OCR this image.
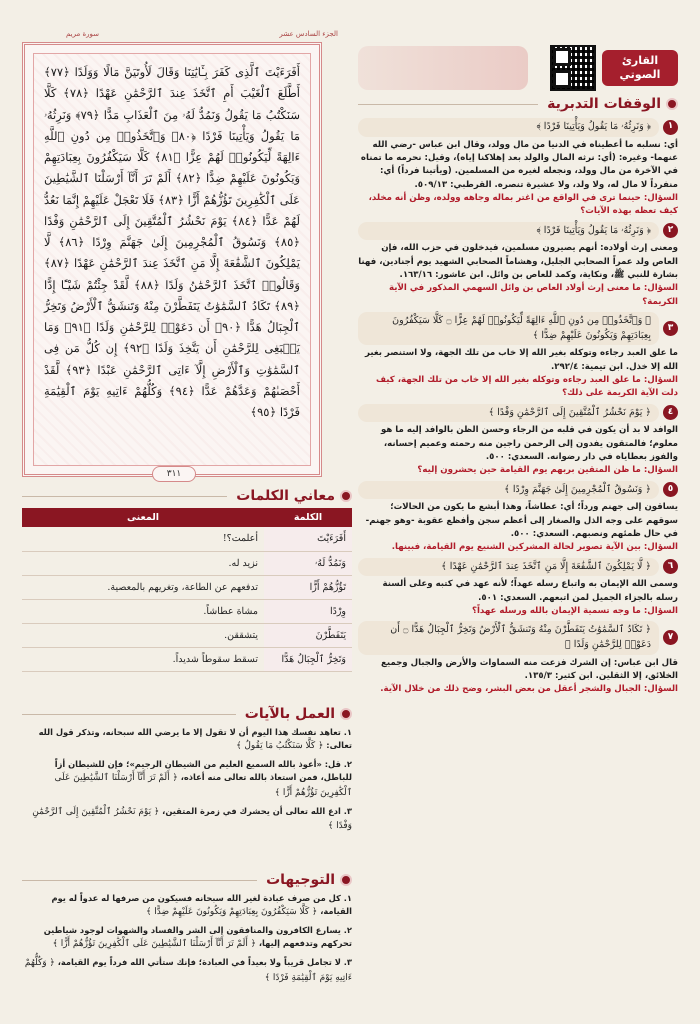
القارئ
الصوتي
الوقفات التدبرية
١
﴿ وَنَرِثُهُۥ مَا يَقُولُ وَيَأْتِينَا فَرْدًا ﴾
أي: نسلبه ما أعطيناه في الدنيا من مال وولد، وقال ابن عباس -رضي الله عنهما- وغيره: (أي: نرثه المال والولد بعد إهلاكنا إياه)، وقيل: نحرمه ما تمناه في الآخرة من مال وولد، ونجعله لغيره من المسلمين. (ويأتينا فرداً) أي: منفرداً لا مال له، ولا ولد، ولا عشيرة تنصره. القرطبي: ٥٠٩/١٣.
السؤال: حينما ترى في الواقع من اغتر بماله وجاهه وولده، وظن أنه مخلد، كيف تعظه بهذه الآيات؟
٢
﴿ وَنَرِثُهُۥ مَا يَقُولُ وَيَأْتِينَا فَرْدًا ﴾
ومعنى إرث أولاده: أنهم يصيرون مسلمين، فيدخلون في حزب الله، فإن العاص ولد عمراً الصحابي الجليل، وهشاماً الصحابي الشهيد يوم أجنادين، فهنا بشارة للنبي ﷺ، ونكاية، وكمد للعاص بن وائل. ابن عاشور: ١٦٣/١٦.
السؤال: ما معنى إرث أولاد العاص بن وائل السهمي المذكور في الآية الكريمة؟
٣
﴿ وَٱتَّخَذُوا۟ مِن دُونِ ٱللَّهِ ءَالِهَةً لِّيَكُونُوا۟ لَهُمْ عِزًّا ۝ كَلَّا سَيَكْفُرُونَ بِعِبَادَتِهِمْ وَيَكُونُونَ عَلَيْهِمْ ضِدًّا ﴾
ما علق العبد رجاءه وتوكله بغير الله إلا خاب من تلك الجهة، ولا استنصر بغير الله إلا خذل. ابن تيمية: ٢٩٢/٤.
السؤال: ما علق العبد رجاءه وتوكله بغير الله إلا خاب من تلك الجهة، كيف دلت الآية الكريمة على ذلك؟
٤
﴿ يَوْمَ نَحْشُرُ ٱلْمُتَّقِينَ إِلَى ٱلرَّحْمَٰنِ وَفْدًا ﴾
الوافد لا بد أن يكون في قلبه من الرجاء وحسن الظن بالوافد إليه ما هو معلوم؛ فالمتقون يفدون إلى الرحمن راجين منه رحمته وعميم إحسانه، والفوز بعطاياه في دار رضوانه. السعدي: ٥٠٠.
السؤال: ما ظن المتقين بربهم يوم القيامة حين يحشرون إليه؟
٥
﴿ وَنَسُوقُ ٱلْمُجْرِمِينَ إِلَىٰ جَهَنَّمَ وِرْدًا ﴾
يساقون إلى جهنم ورداً؛ أي: عطاشاً، وهذا أبشع ما يكون من الحالات؛ سوقهم على وجه الذل والصغار إلى أعظم سجن وأفظع عقوبة -وهو جهنم- في حال ظمئهم ونصبهم. السعدي: ٥٠٠.
السؤال: بين الآية تصوير لحالة المشركين الشنيع يوم القيامة، فبينها.
٦
﴿ لَّا يَمْلِكُونَ ٱلشَّفَٰعَةَ إِلَّا مَنِ ٱتَّخَذَ عِندَ ٱلرَّحْمَٰنِ عَهْدًا ﴾
وسمى الله الإيمان به واتباع رسله عهداً؛ لأنه عهد في كتبه وعلى ألسنة رسله بالجزاء الجميل لمن اتبعهم. السعدي: ٥٠١.
السؤال: ما وجه تسمية الإيمان بالله ورسله عهداً؟
٧
﴿ تَكَادُ ٱلسَّمَٰوَٰتُ يَتَفَطَّرْنَ مِنْهُ وَتَنشَقُّ ٱلْأَرْضُ وَتَخِرُّ ٱلْجِبَالُ هَدًّا ۝ أَن دَعَوْا۟ لِلرَّحْمَٰنِ وَلَدًا ﴾
قال ابن عباس: إن الشرك فزعت منه السماوات والأرض والجبال وجميع الخلائق، إلا الثقلين. ابن كثير: ١٣٥/٣.
السؤال: الجبال والشجر أعقل من بعض البشر، وضح ذلك من خلال الآية.
الجزء السادس عشر
سورة مريم
أَفَرَءَيْتَ ٱلَّذِى كَفَرَ بِـَٔايَٰتِنَا وَقَالَ لَأُوتَيَنَّ مَالًا وَوَلَدًا ﴿٧٧﴾ أَطَّلَعَ ٱلْغَيْبَ أَمِ ٱتَّخَذَ عِندَ ٱلرَّحْمَٰنِ عَهْدًا ﴿٧٨﴾ كَلَّا سَنَكْتُبُ مَا يَقُولُ وَنَمُدُّ لَهُۥ مِنَ ٱلْعَذَابِ مَدًّا ﴿٧٩﴾ وَنَرِثُهُۥ مَا يَقُولُ وَيَأْتِينَا فَرْدًا ﴿٨٠﴾ وَٱتَّخَذُوا۟ مِن دُونِ ٱللَّهِ ءَالِهَةً لِّيَكُونُوا۟ لَهُمْ عِزًّا ﴿٨١﴾ كَلَّا سَيَكْفُرُونَ بِعِبَادَتِهِمْ وَيَكُونُونَ عَلَيْهِمْ ضِدًّا ﴿٨٢﴾ أَلَمْ تَرَ أَنَّآ أَرْسَلْنَا ٱلشَّيَٰطِينَ عَلَى ٱلْكَٰفِرِينَ تَؤُزُّهُمْ أَزًّا ﴿٨٣﴾ فَلَا تَعْجَلْ عَلَيْهِمْ إِنَّمَا نَعُدُّ لَهُمْ عَدًّا ﴿٨٤﴾ يَوْمَ نَحْشُرُ ٱلْمُتَّقِينَ إِلَى ٱلرَّحْمَٰنِ وَفْدًا ﴿٨٥﴾ وَنَسُوقُ ٱلْمُجْرِمِينَ إِلَىٰ جَهَنَّمَ وِرْدًا ﴿٨٦﴾ لَّا يَمْلِكُونَ ٱلشَّفَٰعَةَ إِلَّا مَنِ ٱتَّخَذَ عِندَ ٱلرَّحْمَٰنِ عَهْدًا ﴿٨٧﴾ وَقَالُوا۟ ٱتَّخَذَ ٱلرَّحْمَٰنُ وَلَدًا ﴿٨٨﴾ لَّقَدْ جِئْتُمْ شَيْـًٔا إِدًّا ﴿٨٩﴾ تَكَادُ ٱلسَّمَٰوَٰتُ يَتَفَطَّرْنَ مِنْهُ وَتَنشَقُّ ٱلْأَرْضُ وَتَخِرُّ ٱلْجِبَالُ هَدًّا ﴿٩٠﴾ أَن دَعَوْا۟ لِلرَّحْمَٰنِ وَلَدًا ﴿٩١﴾ وَمَا يَنۢبَغِى لِلرَّحْمَٰنِ أَن يَتَّخِذَ وَلَدًا ﴿٩٢﴾ إِن كُلُّ مَن فِى ٱلسَّمَٰوَٰتِ وَٱلْأَرْضِ إِلَّآ ءَاتِى ٱلرَّحْمَٰنِ عَبْدًا ﴿٩٣﴾ لَّقَدْ أَحْصَىٰهُمْ وَعَدَّهُمْ عَدًّا ﴿٩٤﴾ وَكُلُّهُمْ ءَاتِيهِ يَوْمَ ٱلْقِيَٰمَةِ فَرْدًا ﴿٩٥﴾
٣١١
معاني الكلمات
الكلمة	المعنى
أَفَرَءَيْتَ	أعلمت؟!
وَنَمُدُّ لَهُۥ	نزيد له.
تَؤُزُّهُمْ أَزًّا	تدفعهم عن الطاعة، وتغريهم بالمعصية.
وِرْدًا	مشاة عطاشاً.
يَتَفَطَّرْنَ	يتشققن.
وَتَخِرُّ ٱلْجِبَالُ هَدًّا	تسقط سقوطاً شديداً.
العمل بالآيات

١. تعاهد نفسك هذا اليوم أن لا تقول إلا ما يرضي الله سبحانه، وتذكر قول الله تعالى: ﴿ كَلَّا سَنَكْتُبُ مَا يَقُولُ ﴾

٢. قل: «أعوذ بالله السميع العليم من الشيطان الرجيم»؛ فإن للشيطان أزاً للباطل، فمن استعاذ بالله تعالى منه أعاذه، ﴿ أَلَمْ تَرَ أَنَّآ أَرْسَلْنَا ٱلشَّيَٰطِينَ عَلَى ٱلْكَٰفِرِينَ تَؤُزُّهُمْ أَزًّا ﴾

٣. ادع الله تعالى أن يحشرك في زمرة المتقين، ﴿ يَوْمَ نَحْشُرُ ٱلْمُتَّقِينَ إِلَى ٱلرَّحْمَٰنِ وَفْدًا ﴾

التوجيهات

١. كل من صرف عبادة لغير الله سبحانه فسيكون من صرفها له عدواً له يوم القيامة، ﴿ كَلَّا سَيَكْفُرُونَ بِعِبَادَتِهِمْ وَيَكُونُونَ عَلَيْهِمْ ضِدًّا ﴾

٢. يسارع الكافرون والمنافقون إلى الشر والفساد والشهوات لوجود شياطين تحركهم وتدفعهم إليها، ﴿ أَلَمْ تَرَ أَنَّآ أَرْسَلْنَا ٱلشَّيَٰطِينَ عَلَى ٱلْكَٰفِرِينَ تَؤُزُّهُمْ أَزًّا ﴾

٣. لا تجامل قريباً ولا بعيداً في العبادة؛ فإنك ستأتي الله فرداً يوم القيامة، ﴿ وَكُلُّهُمْ ءَاتِيهِ يَوْمَ ٱلْقِيَٰمَةِ فَرْدًا ﴾
